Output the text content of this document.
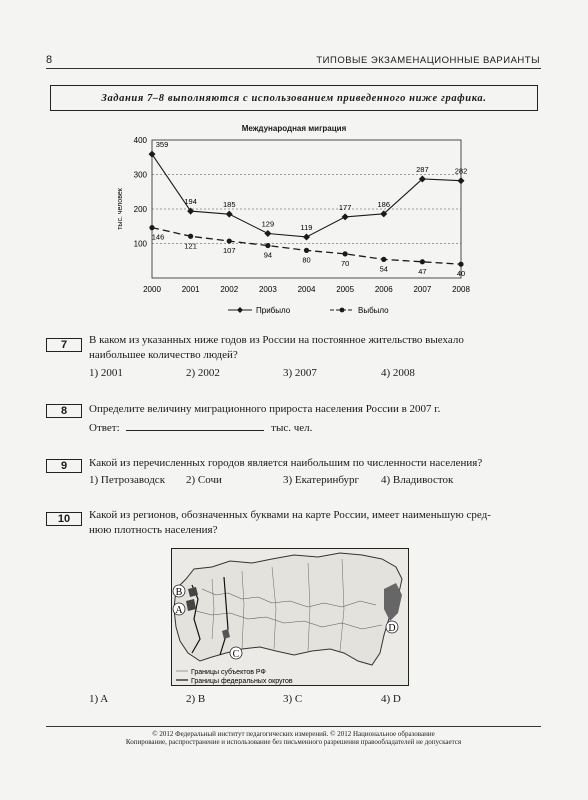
8	ТИПОВЫЕ ЭКЗАМЕНАЦИОННЫЕ ВАРИАНТЫ
Задания 7–8 выполняются с использованием приведенного ниже графика.
Международная миграция
100
200
300
400
тыс. человек
2000	2001	2002	2003	2004	2005	2006	2007	2008
359
194	185
129	119
177	186
287	282
146
121
107	94
80	70
54	47	40
Прибыло	Выбыло
7	В каком из указанных ниже годов из России на постоянное жительство выехало
наибольшее количество людей?
1) 2001	2) 2002	3) 2007	4) 2008
8	Определите величину миграционного прироста населения России в 2007 г.
Ответ:	тыс. чел.
9	Какой из перечисленных городов является наибольшим по численности населения?
1) Петрозаводск 2) Сочи	3) Екатеринбург 4) Владивосток
10	Какой из регионов, обозначенных буквами на карте России, имеет наименьшую сред-
нюю плотность населения?
B
A
C
D
Границы субъектов РФ
Границы федеральных округов
1) A	2) B	3) C	4) D
© 2012 Федеральный институт педагогических измерений. © 2012 Национальное образование
Копирование, распространение и использование без письменного разрешения правообладателей не допускается
